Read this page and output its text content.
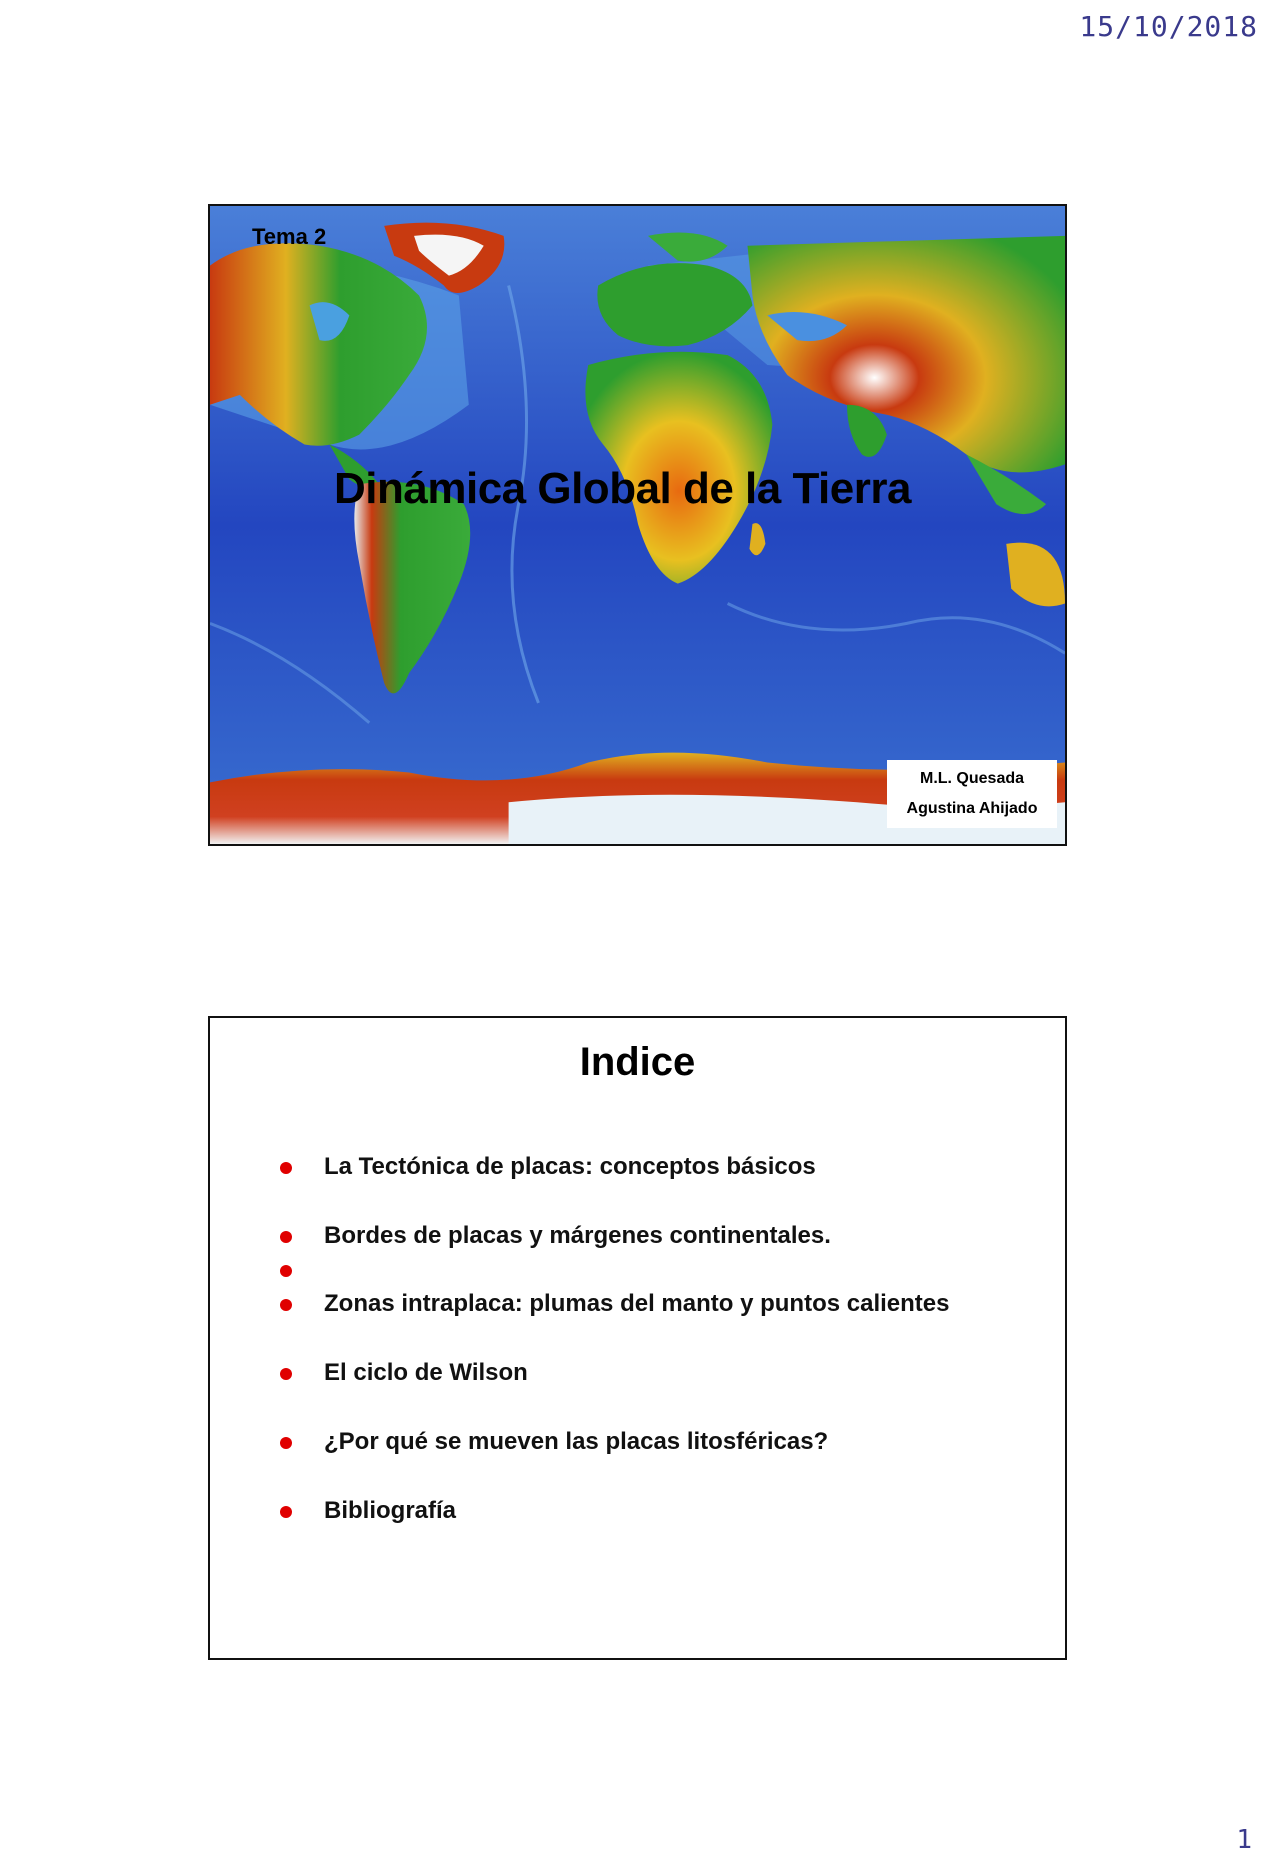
15/10/2018
Tema 2
Dinámica Global de la Tierra
M.L. Quesada
Agustina Ahijado
Indice
La Tectónica de placas: conceptos básicos
Bordes de placas y márgenes continentales.
Zonas intraplaca: plumas del manto y puntos calientes
El ciclo de Wilson
¿Por qué se mueven las placas litosféricas?
Bibliografía
1
